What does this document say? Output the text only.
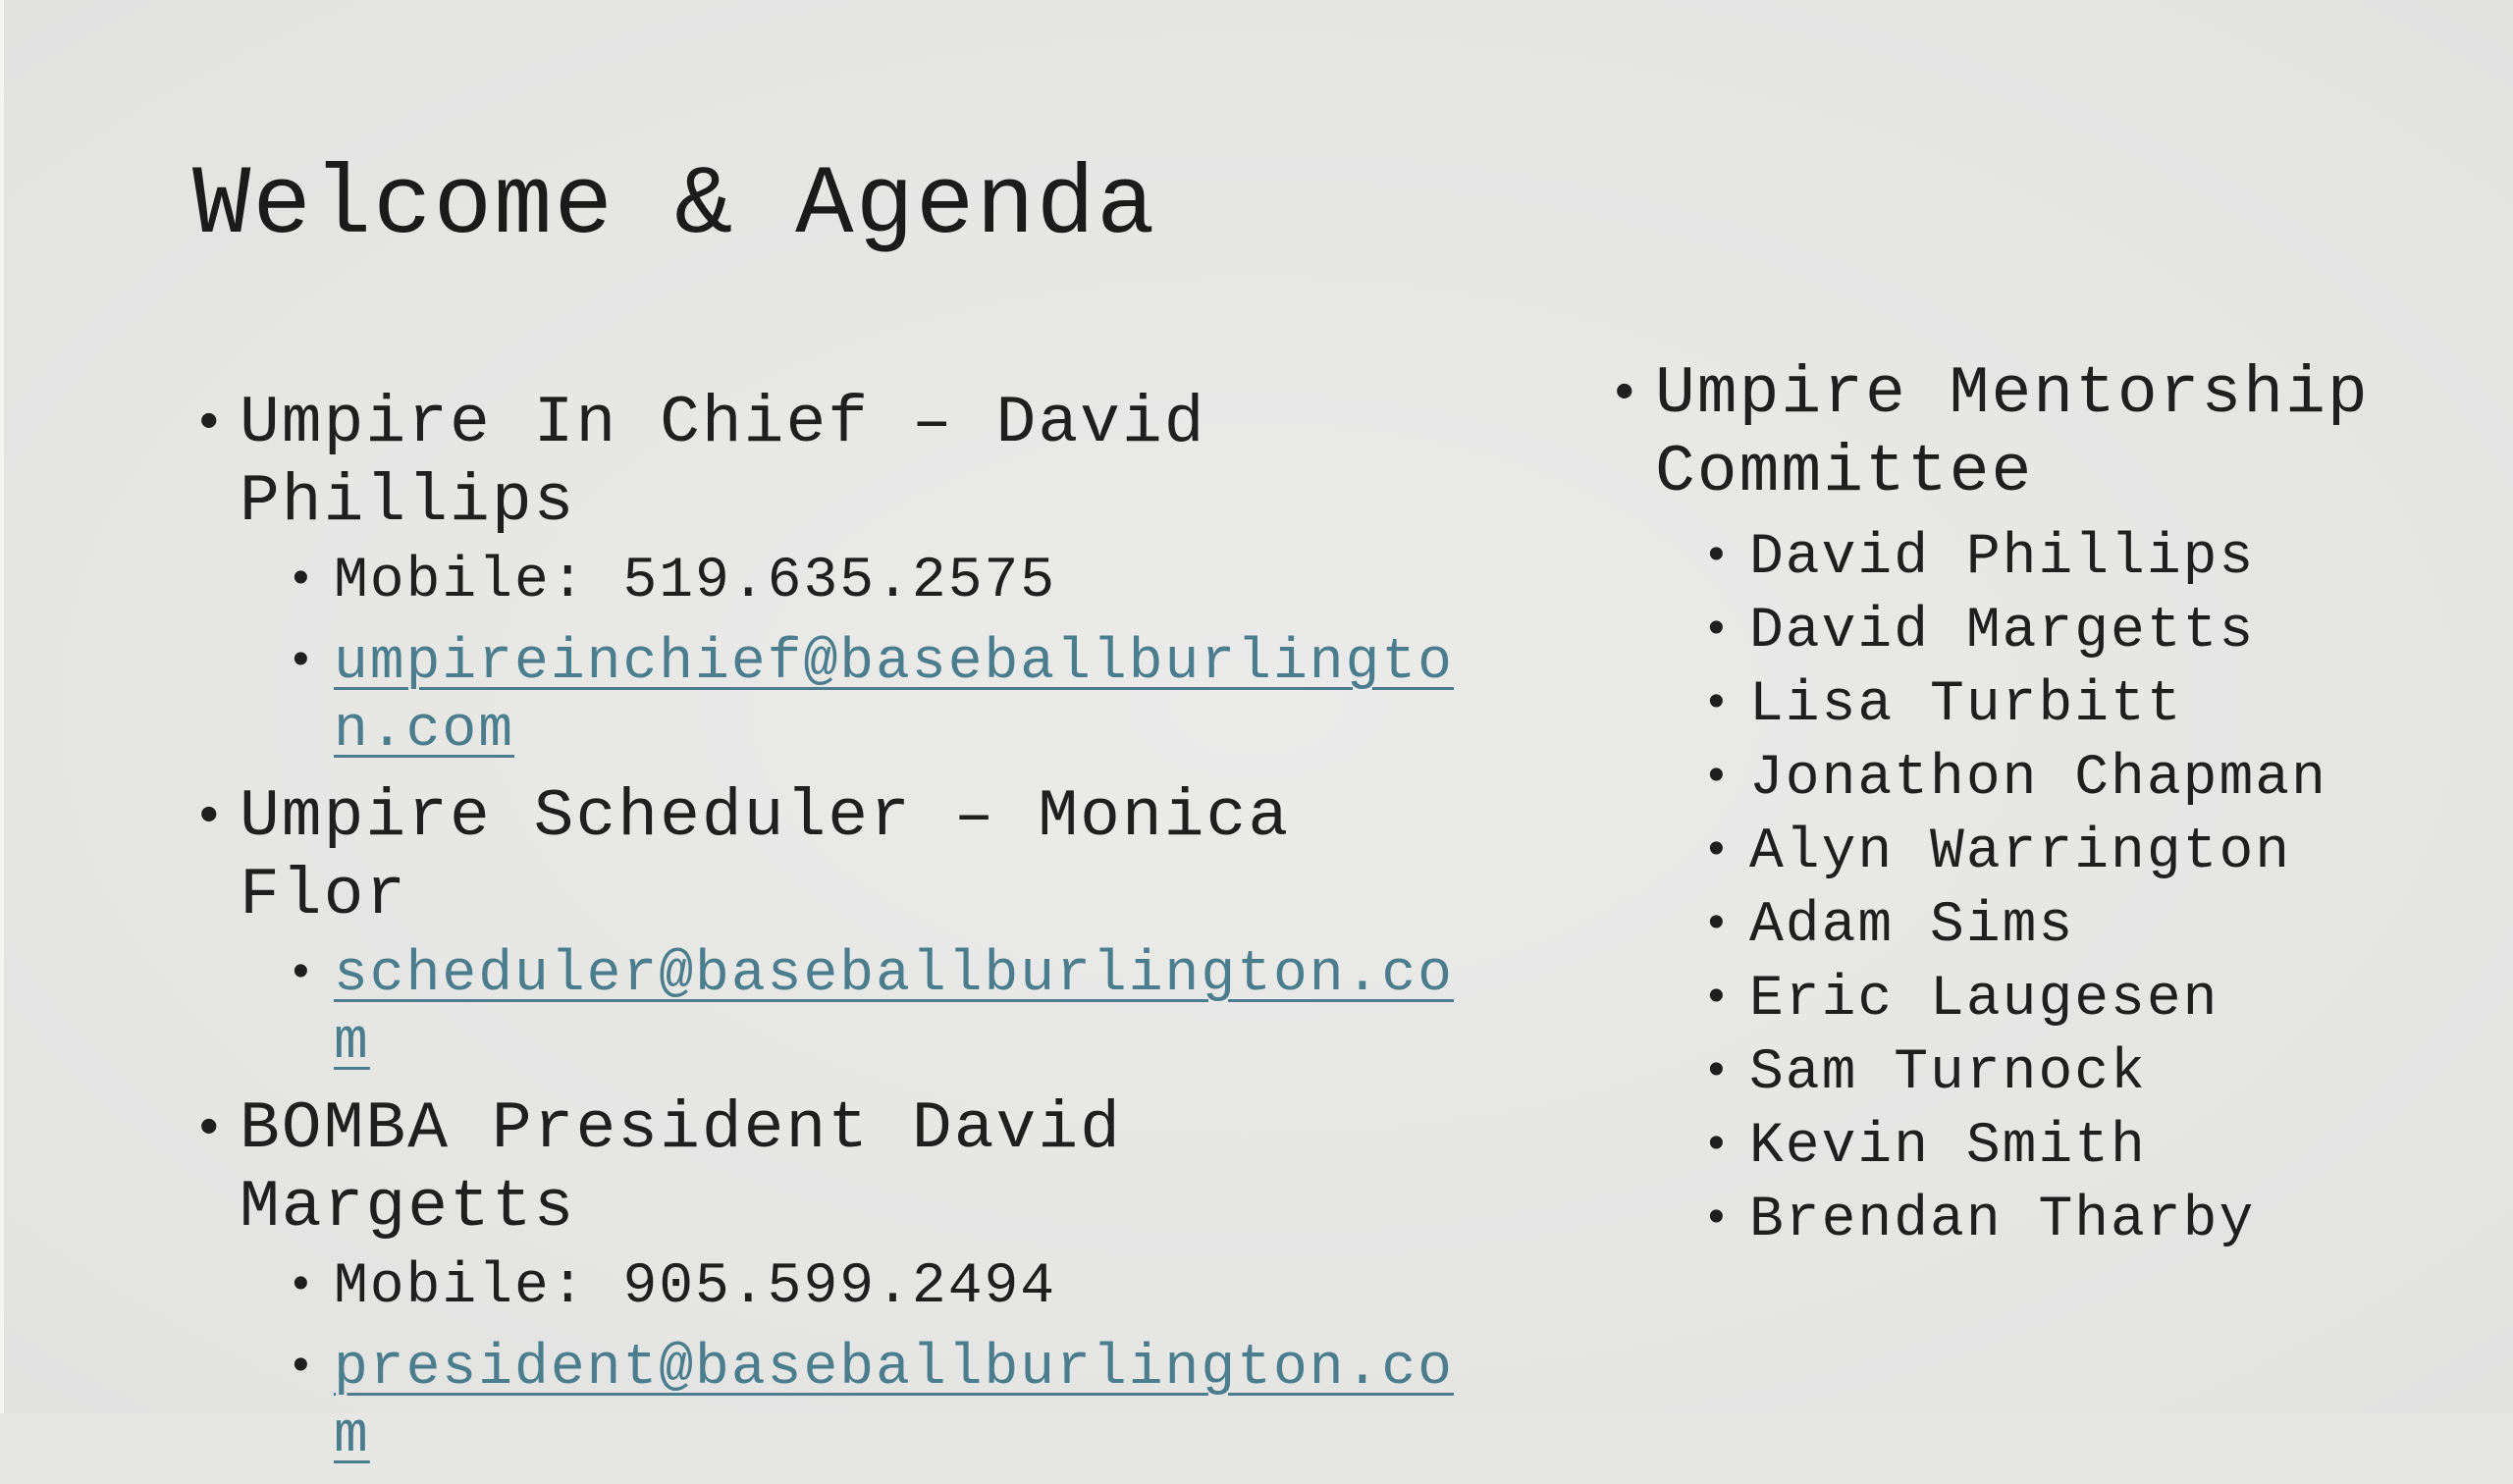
Welcome & Agenda
• Umpire In Chief – David Phillips
• Mobile: 519.635.2575
• umpireinchief@baseballburlington.com
• Umpire Scheduler – Monica Flor
• scheduler@baseballburlington.com
• BOMBA President David Margetts
• Mobile: 905.599.2494
• president@baseballburlington.com
• Umpire Mentorship Committee
• David Phillips
• David Margetts
• Lisa Turbitt
• Jonathon Chapman
• Alyn Warrington
• Adam Sims
• Eric Laugesen
• Sam Turnock
• Kevin Smith
• Brendan Tharby
